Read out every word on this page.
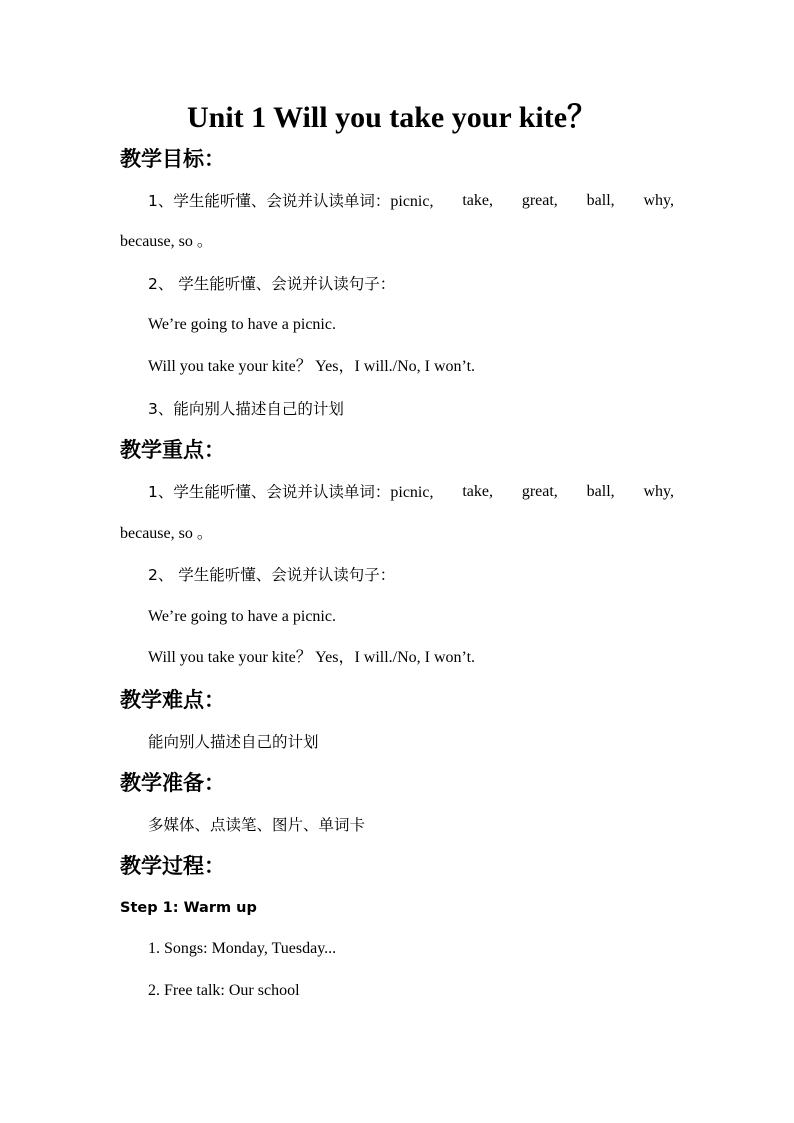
Unit 1 Will you take your kite？
教学目标：
1、学生能听懂、会说并认读单词：picnic, take, great, ball, why,
because, so 。
2、 学生能听懂、会说并认读句子：
We’re going to have a picnic.
Will you take your kite？ Yes，I will./No, I won’t.
3、能向别人描述自己的计划
教学重点：
1、学生能听懂、会说并认读单词：picnic, take, great, ball, why,
because, so 。
2、 学生能听懂、会说并认读句子：
We’re going to have a picnic.
Will you take your kite？ Yes，I will./No, I won’t.
教学难点：
能向别人描述自己的计划
教学准备：
多媒体、点读笔、图片、单词卡
教学过程：
Step 1: Warm up
1. Songs: Monday, Tuesday...
2. Free talk: Our school
